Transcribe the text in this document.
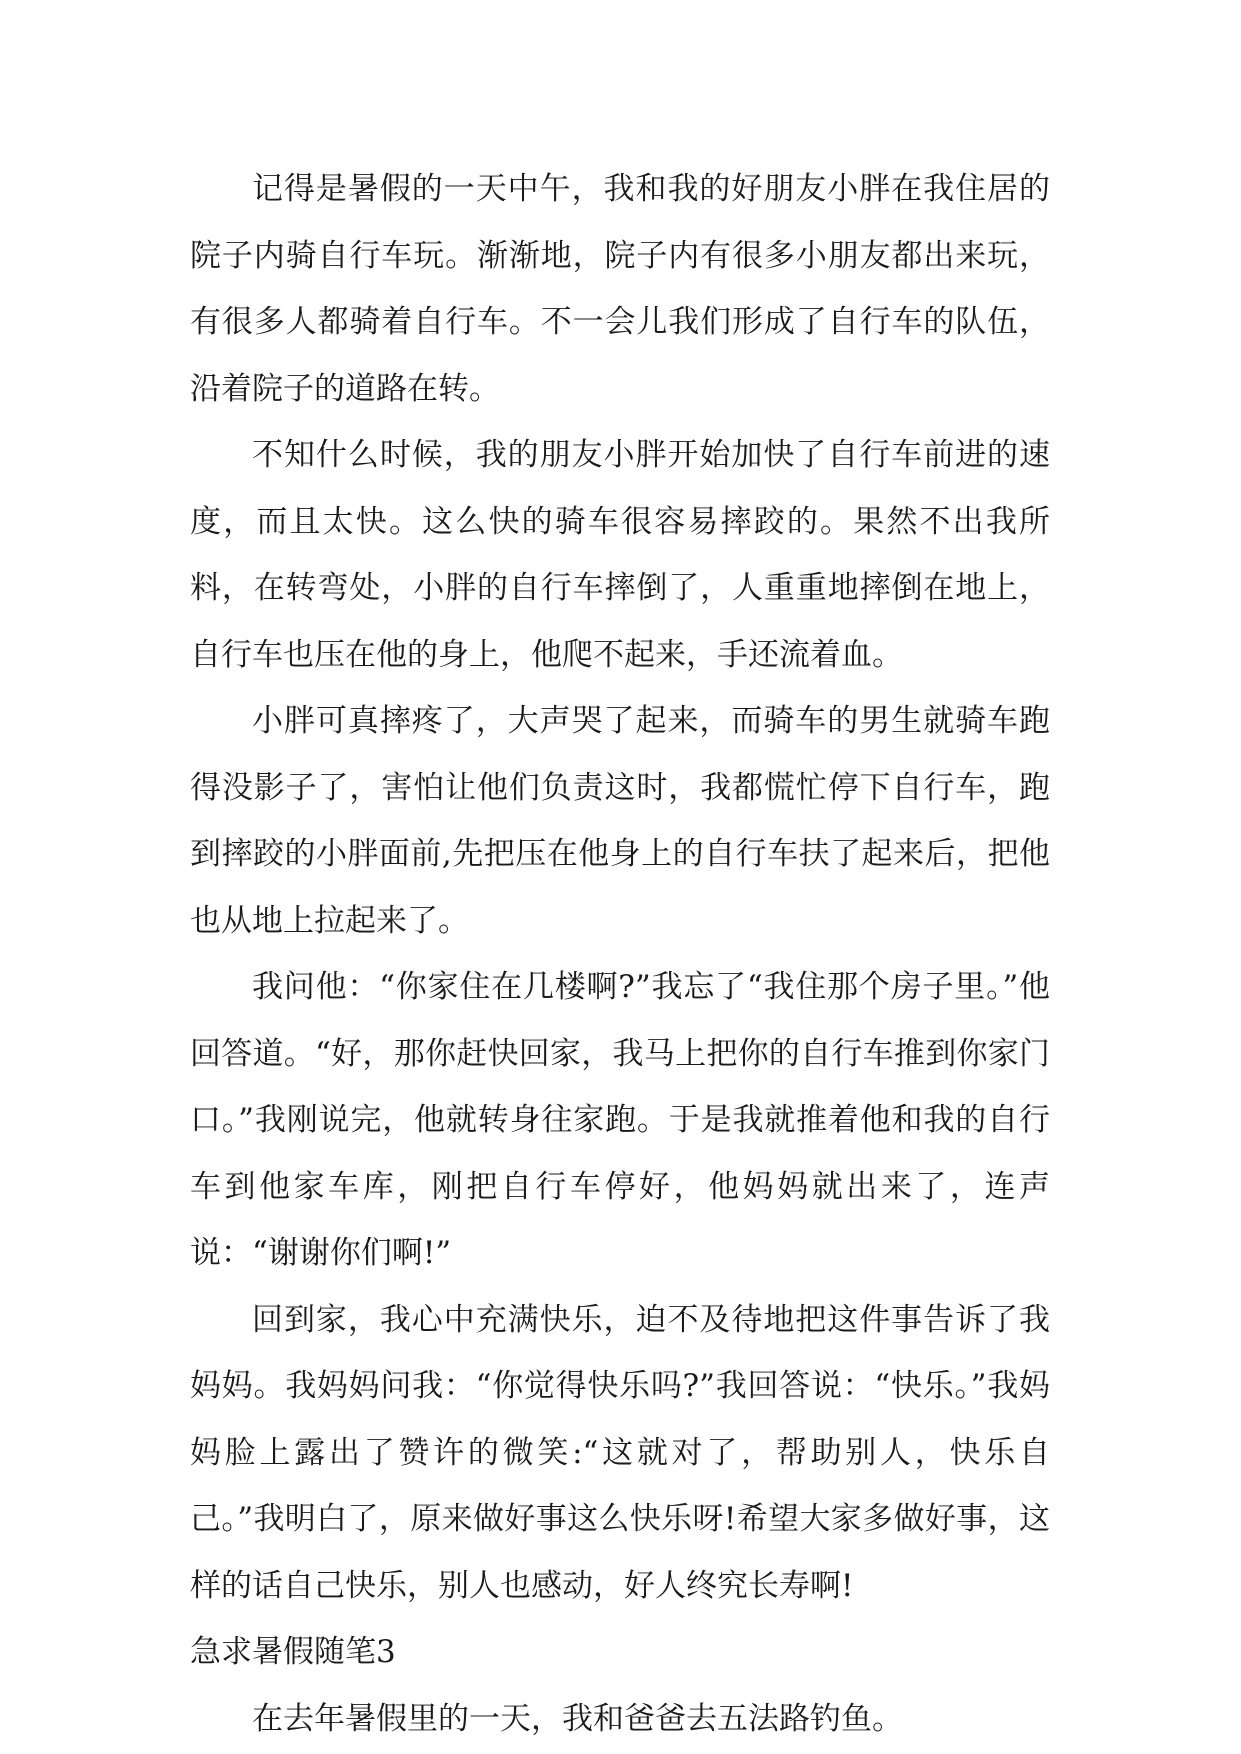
记得是暑假的一天中午，我和我的好朋友小胖在我住居的院子内骑自行车玩。渐渐地，院子内有很多小朋友都出来玩，有很多人都骑着自行车。不一会儿我们形成了自行车的队伍，沿着院子的道路在转。

不知什么时候，我的朋友小胖开始加快了自行车前进的速度，而且太快。这么快的骑车很容易摔跤的。果然不出我所料，在转弯处，小胖的自行车摔倒了，人重重地摔倒在地上，自行车也压在他的身上，他爬不起来，手还流着血。

小胖可真摔疼了，大声哭了起来，而骑车的男生就骑车跑得没影子了，害怕让他们负责这时，我都慌忙停下自行车，跑到摔跤的小胖面前,先把压在他身上的自行车扶了起来后，把他也从地上拉起来了。

我问他：“你家住在几楼啊?”我忘了“我住那个房子里。”他回答道。“好，那你赶快回家，我马上把你的自行车推到你家门口。”我刚说完，他就转身往家跑。于是我就推着他和我的自行车到他家车库，刚把自行车停好，他妈妈就出来了，连声说：“谢谢你们啊!”

回到家，我心中充满快乐，迫不及待地把这件事告诉了我妈妈。我妈妈问我：“你觉得快乐吗?”我回答说：“快乐。”我妈妈脸上露出了赞许的微笑:“这就对了，帮助别人，快乐自己。”我明白了，原来做好事这么快乐呀!希望大家多做好事，这样的话自己快乐，别人也感动，好人终究长寿啊!

急求暑假随笔3

在去年暑假里的一天，我和爸爸去五法路钓鱼。
